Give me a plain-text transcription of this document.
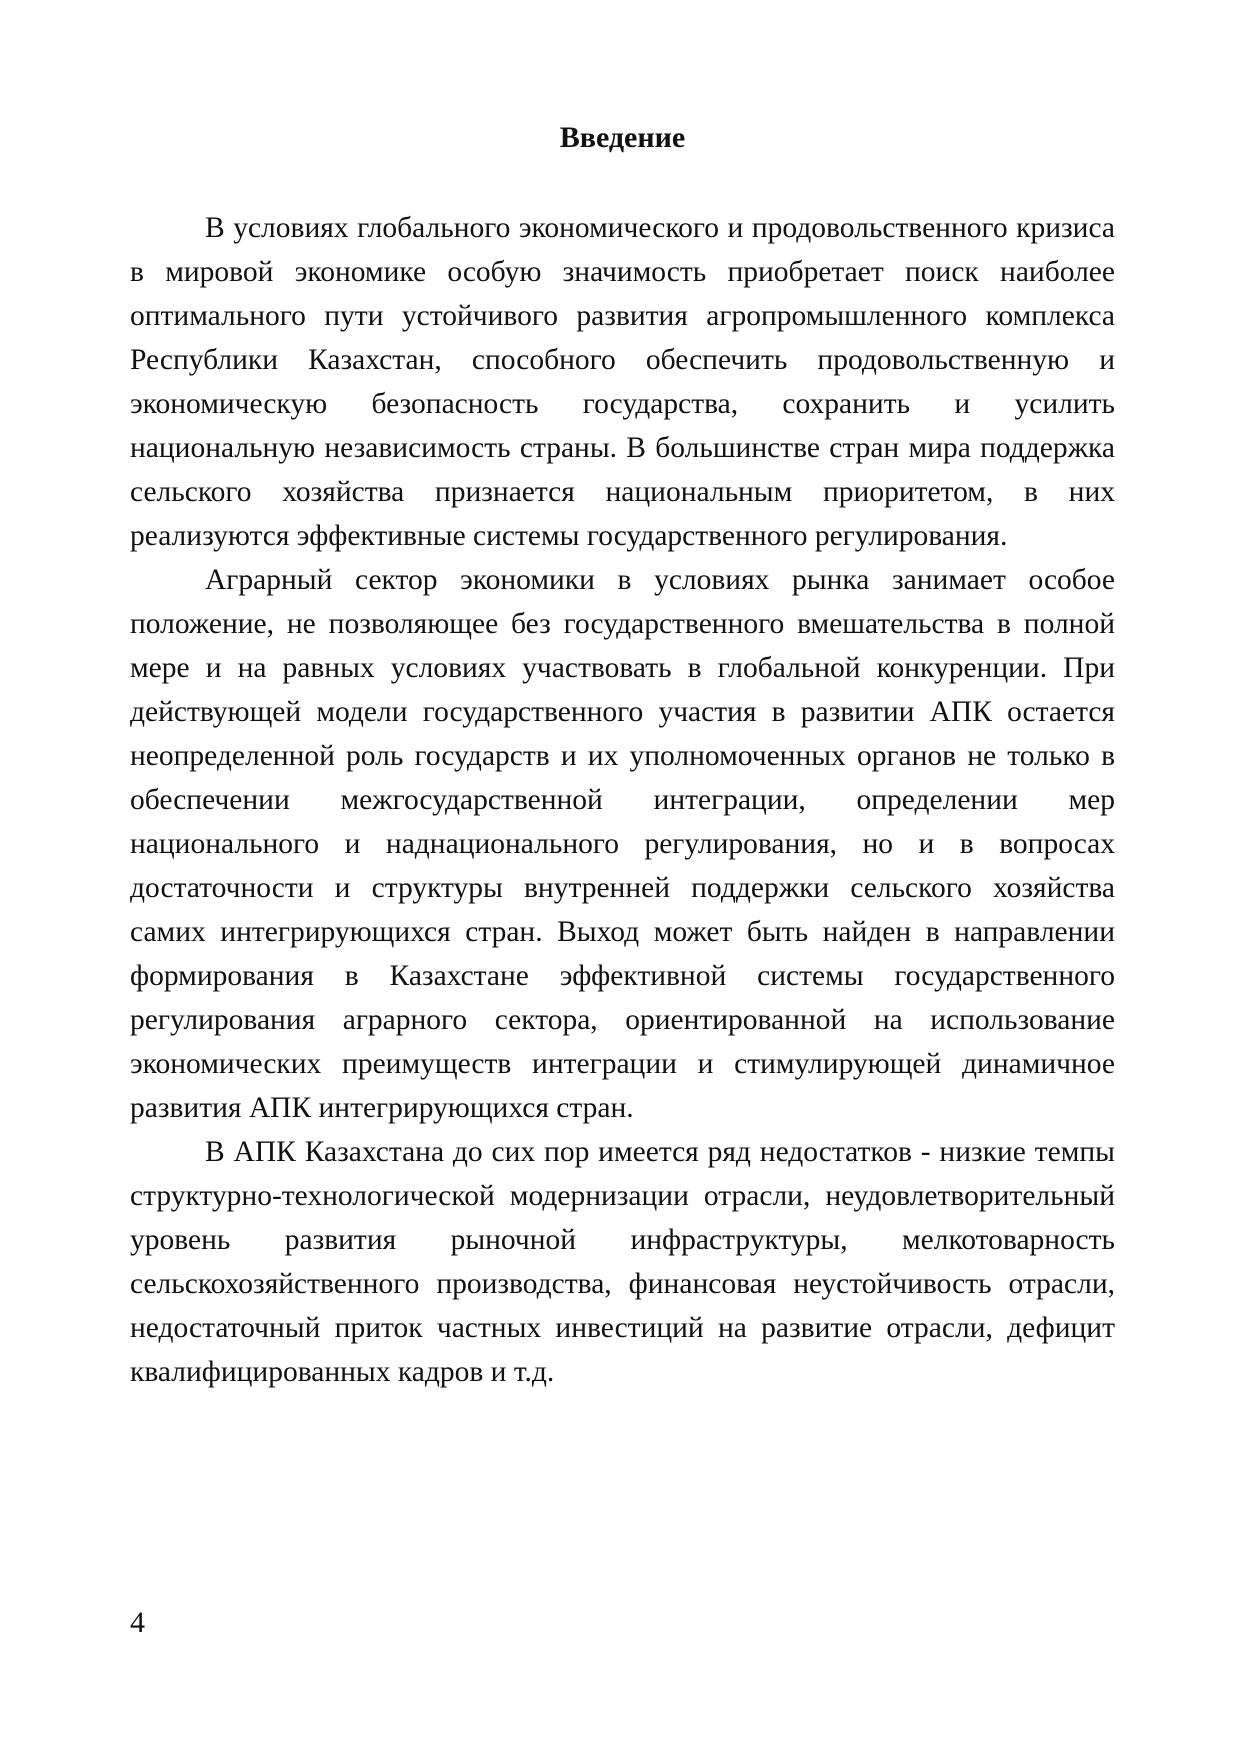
Введение

В условиях глобального экономического и продовольственного кризиса в мировой экономике особую значимость приобретает поиск наиболее оптимального пути устойчивого развития агропромышленного комплекса Республики Казахстан, способного обеспечить продовольственную и экономическую безопасность государства, сохранить и усилить национальную независимость страны. В большинстве стран мира поддержка сельского хозяйства признается национальным приоритетом, в них реализуются эффективные системы государственного регулирования.

Аграрный сектор экономики в условиях рынка занимает особое положение, не позволяющее без государственного вмешательства в полной мере и на равных условиях участвовать в глобальной конкуренции. При действующей модели государственного участия в развитии АПК остается неопределенной роль государств и их уполномоченных органов не только в обеспечении межгосударственной интеграции, определении мер национального и наднационального регулирования, но и в вопросах достаточности и структуры внутренней поддержки сельского хозяйства самих интегрирующихся стран. Выход может быть найден в направлении формирования в Казахстане эффективной системы государственного регулирования аграрного сектора, ориентированной на использование экономических преимуществ интеграции и стимулирующей динамичное развития АПК интегрирующихся стран.

В АПК Казахстана до сих пор имеется ряд недостатков - низкие темпы структурно-технологической модернизации отрасли, неудовлетворительный уровень развития рыночной инфраструктуры, мелкотоварность сельскохозяйственного производства, финансовая неустойчивость отрасли, недостаточный приток частных инвестиций на развитие отрасли, дефицит квалифицированных кадров и т.д.

4
